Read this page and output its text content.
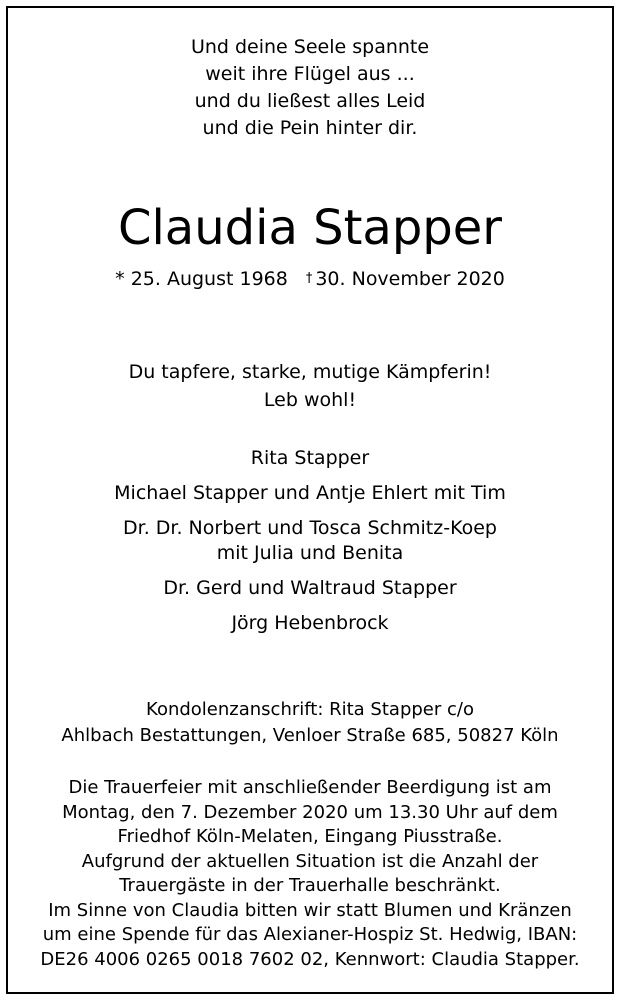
Und deine Seele spannte
weit ihre Flügel aus ...
und du ließest alles Leid
und die Pein hinter dir.
Claudia Stapper
* 25. August 1968 † 30. November 2020
Du tapfere, starke, mutige Kämpferin!
Leb wohl!
Rita Stapper
Michael Stapper und Antje Ehlert mit Tim
Dr. Dr. Norbert und Tosca Schmitz-Koep
mit Julia und Benita
Dr. Gerd und Waltraud Stapper
Jörg Hebenbrock
Kondolenzanschrift: Rita Stapper c/o
Ahlbach Bestattungen, Venloer Straße 685, 50827 Köln
Die Trauerfeier mit anschließender Beerdigung ist am
Montag, den 7. Dezember 2020 um 13.30 Uhr auf dem
Friedhof Köln-Melaten, Eingang Piusstraße.
Aufgrund der aktuellen Situation ist die Anzahl der
Trauergäste in der Trauerhalle beschränkt.
Im Sinne von Claudia bitten wir statt Blumen und Kränzen
um eine Spende für das Alexianer-Hospiz St. Hedwig, IBAN:
DE26 4006 0265 0018 7602 02, Kennwort: Claudia Stapper.
